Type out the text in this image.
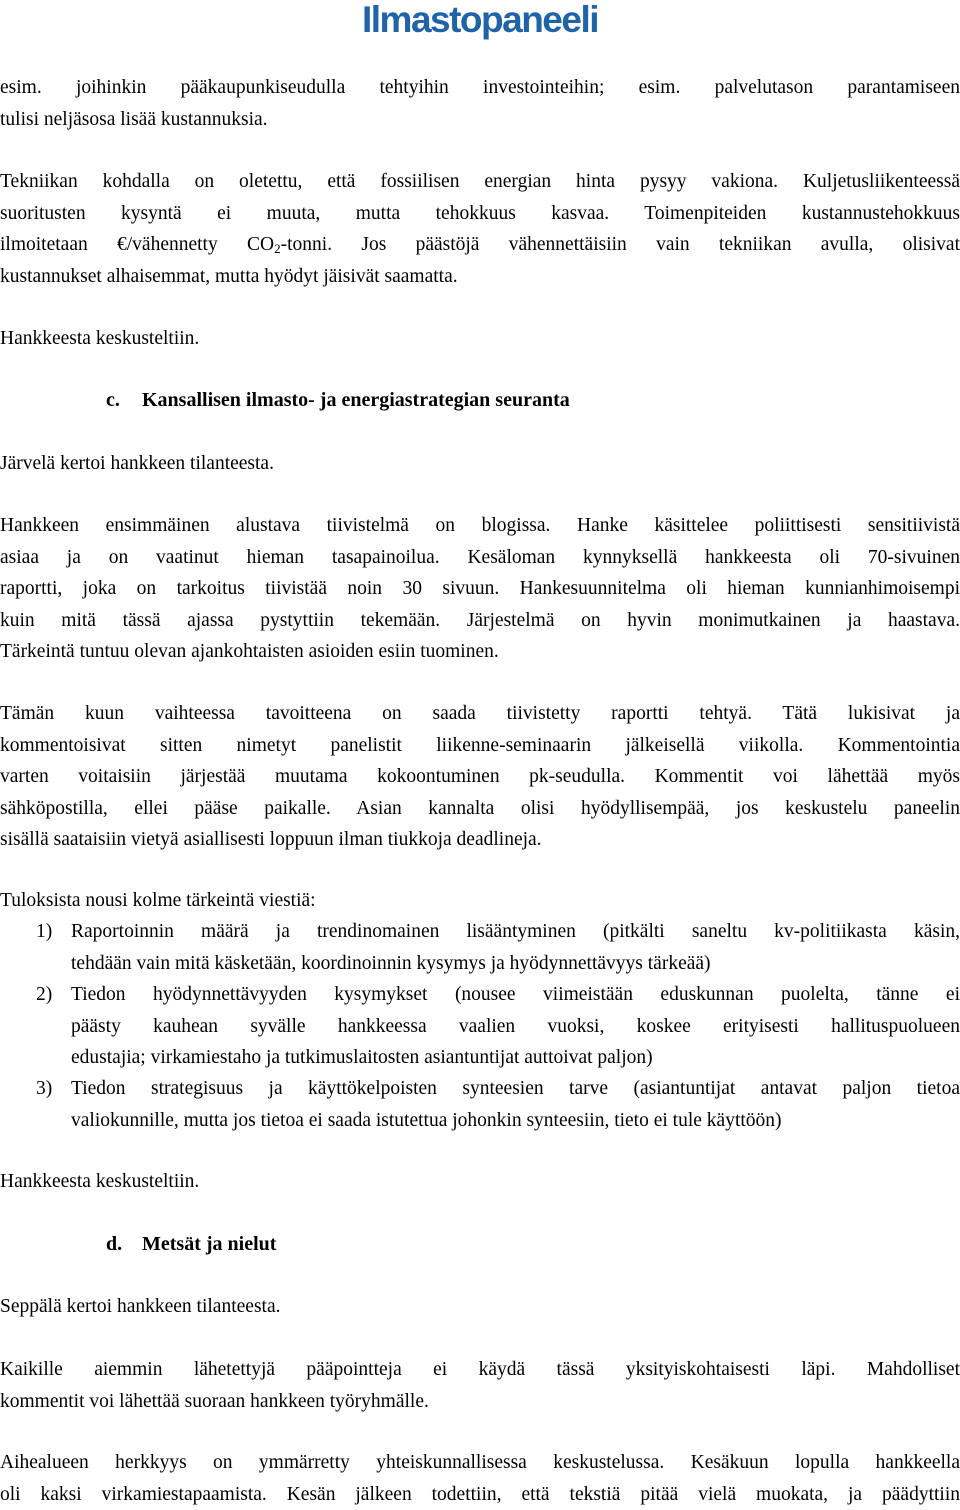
Ilmastopaneeli
esim. joihinkin pääkaupunkiseudulla tehtyihin investointeihin; esim. palvelutason parantamiseen
tulisi neljäsosa lisää kustannuksia.
Tekniikan kohdalla on oletettu, että fossiilisen energian hinta pysyy vakiona. Kuljetusliikenteessä
suoritusten kysyntä ei muuta, mutta tehokkuus kasvaa. Toimenpiteiden kustannustehokkuus
ilmoitetaan €/vähennetty $CO_2$-tonni. Jos päästöjä vähennettäisiin vain tekniikan avulla, olisivat
kustannukset alhaisemmat, mutta hyödyt jäisivät saamatta.
Hankkeesta keskusteltiin.
c. Kansallisen ilmasto- ja energiastrategian seuranta
Järvelä kertoi hankkeen tilanteesta.
Hankkeen ensimmäinen alustava tiivistelmä on blogissa. Hanke käsittelee poliittisesti sensitiivistä
asiaa ja on vaatinut hieman tasapainoilua. Kesäloman kynnyksellä hankkeesta oli 70-sivuinen
raportti, joka on tarkoitus tiivistää noin 30 sivuun. Hankesuunnitelma oli hieman kunnianhimoisempi
kuin mitä tässä ajassa pystyttiin tekemään. Järjestelmä on hyvin monimutkainen ja haastava.
Tärkeintä tuntuu olevan ajankohtaisten asioiden esiin tuominen.
Tämän kuun vaihteessa tavoitteena on saada tiivistetty raportti tehtyä. Tätä lukisivat ja
kommentoisivat sitten nimetyt panelistit liikenne-seminaarin jälkeisellä viikolla. Kommentointia
varten voitaisiin järjestää muutama kokoontuminen pk-seudulla. Kommentit voi lähettää myös
sähköpostilla, ellei pääse paikalle. Asian kannalta olisi hyödyllisempää, jos keskustelu paneelin
sisällä saataisiin vietyä asiallisesti loppuun ilman tiukkoja deadlineja.
Tuloksista nousi kolme tärkeintä viestiä:
1) Raportoinnin määrä ja trendinomainen lisääntyminen (pitkälti saneltu kv-politiikasta käsin,
tehdään vain mitä käsketään, koordinoinnin kysymys ja hyödynnettävyys tärkeää)
2) Tiedon hyödynnettävyyden kysymykset (nousee viimeistään eduskunnan puolelta, tänne ei
päästy kauhean syvälle hankkeessa vaalien vuoksi, koskee erityisesti hallituspuolueen
edustajia; virkamiestaho ja tutkimuslaitosten asiantuntijat auttoivat paljon)
3) Tiedon strategisuus ja käyttökelpoisten synteesien tarve (asiantuntijat antavat paljon tietoa
valiokunnille, mutta jos tietoa ei saada istutettua johonkin synteesiin, tieto ei tule käyttöön)
Hankkeesta keskusteltiin.
d. Metsät ja nielut
Seppälä kertoi hankkeen tilanteesta.
Kaikille aiemmin lähetettyjä pääpointteja ei käydä tässä yksityiskohtaisesti läpi. Mahdolliset
kommentit voi lähettää suoraan hankkeen työryhmälle.
Aihealueen herkkyys on ymmärretty yhteiskunnallisessa keskustelussa. Kesäkuun lopulla hankkeella
oli kaksi virkamiestapaamista. Kesän jälkeen todettiin, että tekstiä pitää vielä muokata, ja päädyttiin
